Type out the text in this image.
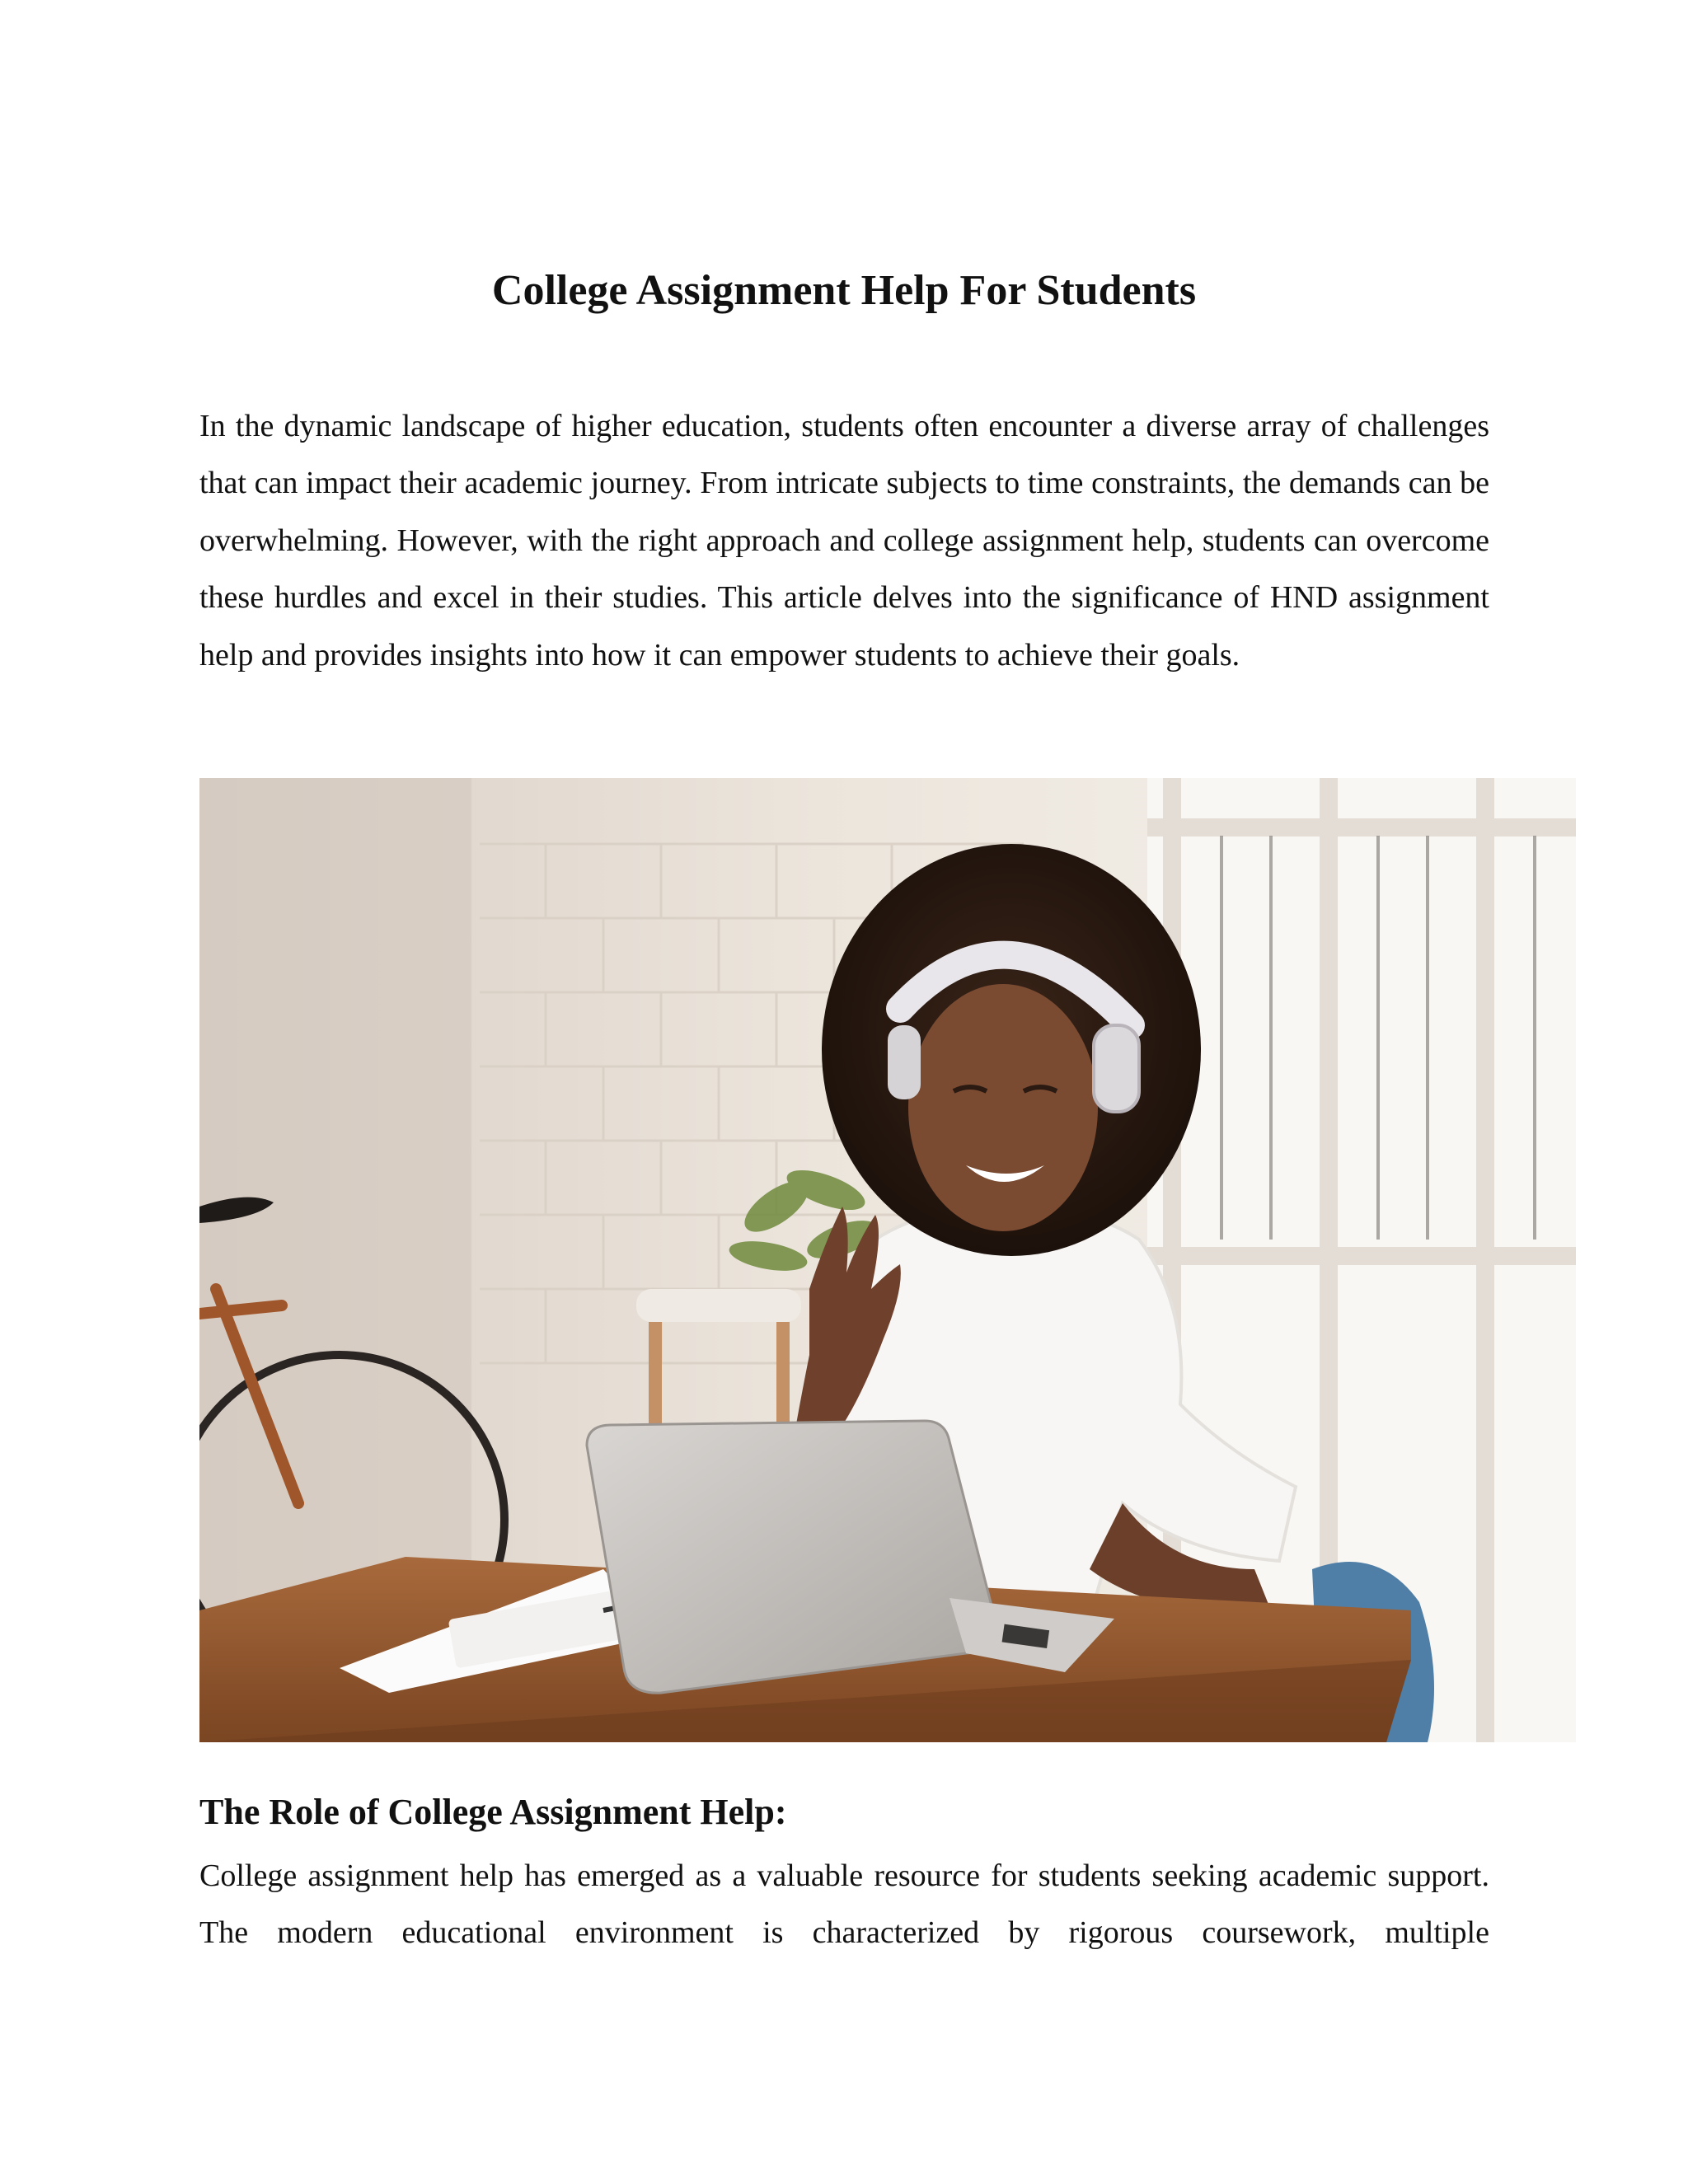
College Assignment Help For Students

In the dynamic landscape of higher education, students often encounter a diverse array of challenges that can impact their academic journey. From intricate subjects to time constraints, the demands can be overwhelming. However, with the right approach and college assignment help, students can overcome these hurdles and excel in their studies. This article delves into the significance of HND assignment help and provides insights into how it can empower students to achieve their goals.

The Role of College Assignment Help:

College assignment help has emerged as a valuable resource for students seeking academic support. The modern educational environment is characterized by rigorous coursework, multiple
